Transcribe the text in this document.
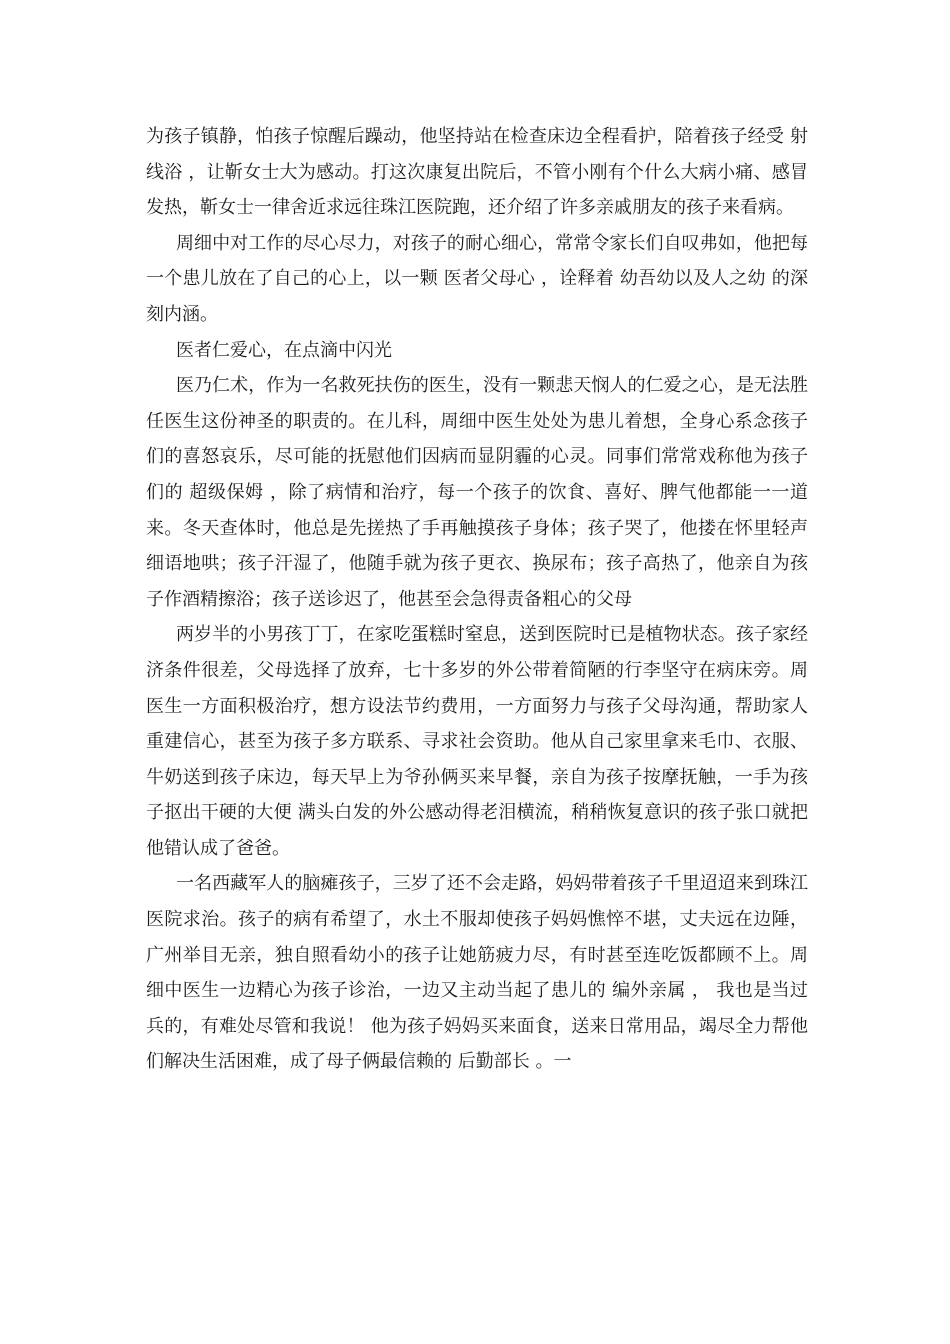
为孩子镇静，怕孩子惊醒后躁动，他坚持站在检查床边全程看护，陪着孩子经受 射线浴 ，让靳女士大为感动。打这次康复出院后，不管小刚有个什么大病小痛、感冒发热，靳女士一律舍近求远往珠江医院跑，还介绍了许多亲戚朋友的孩子来看病。

周细中对工作的尽心尽力，对孩子的耐心细心，常常令家长们自叹弗如，他把每一个患儿放在了自己的心上，以一颗 医者父母心 ，诠释着 幼吾幼以及人之幼 的深刻内涵。

医者仁爱心，在点滴中闪光

医乃仁术，作为一名救死扶伤的医生，没有一颗悲天悯人的仁爱之心，是无法胜任医生这份神圣的职责的。在儿科，周细中医生处处为患儿着想，全身心系念孩子们的喜怒哀乐，尽可能的抚慰他们因病而显阴霾的心灵。同事们常常戏称他为孩子们的 超级保姆 ，除了病情和治疗，每一个孩子的饮食、喜好、脾气他都能一一道来。冬天查体时，他总是先搓热了手再触摸孩子身体；孩子哭了，他搂在怀里轻声细语地哄；孩子汗湿了，他随手就为孩子更衣、换尿布；孩子高热了，他亲自为孩子作酒精擦浴；孩子送诊迟了，他甚至会急得责备粗心的父母

两岁半的小男孩丁丁，在家吃蛋糕时窒息，送到医院时已是植物状态。孩子家经济条件很差，父母选择了放弃，七十多岁的外公带着简陋的行李坚守在病床旁。周医生一方面积极治疗，想方设法节约费用，一方面努力与孩子父母沟通，帮助家人重建信心，甚至为孩子多方联系、寻求社会资助。他从自己家里拿来毛巾、衣服、牛奶送到孩子床边，每天早上为爷孙俩买来早餐，亲自为孩子按摩抚触，一手为孩子抠出干硬的大便 满头白发的外公感动得老泪横流，稍稍恢复意识的孩子张口就把他错认成了爸爸。

一名西藏军人的脑瘫孩子，三岁了还不会走路，妈妈带着孩子千里迢迢来到珠江医院求治。孩子的病有希望了，水土不服却使孩子妈妈憔悴不堪，丈夫远在边陲，广州举目无亲，独自照看幼小的孩子让她筋疲力尽，有时甚至连吃饭都顾不上。周细中医生一边精心为孩子诊治，一边又主动当起了患儿的 编外亲属 ， 我也是当过兵的，有难处尽管和我说！ 他为孩子妈妈买来面食，送来日常用品，竭尽全力帮他们解决生活困难，成了母子俩最信赖的 后勤部长 。一
